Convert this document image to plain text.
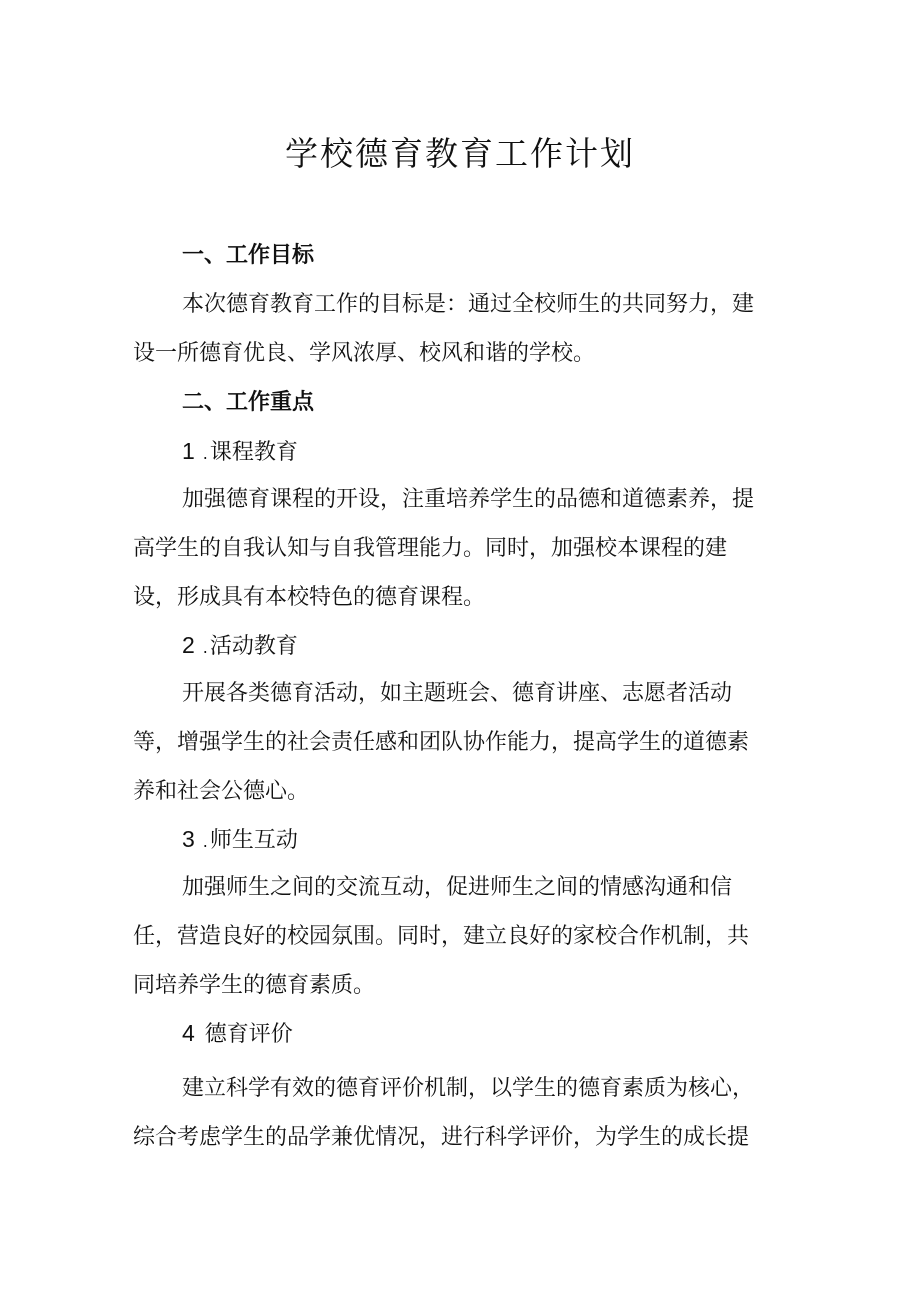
学校德育教育工作计划

一、工作目标

本次德育教育工作的目标是：通过全校师生的共同努力，建

设一所德育优良、学风浓厚、校风和谐的学校。

二、工作重点

1 .课程教育

加强德育课程的开设，注重培养学生的品德和道德素养，提

高学生的自我认知与自我管理能力。同时，加强校本课程的建

设，形成具有本校特色的德育课程。

2 .活动教育

开展各类德育活动，如主题班会、德育讲座、志愿者活动

等，增强学生的社会责任感和团队协作能力，提高学生的道德素

养和社会公德心。

3 .师生互动

加强师生之间的交流互动，促进师生之间的情感沟通和信

任，营造良好的校园氛围。同时，建立良好的家校合作机制，共

同培养学生的德育素质。

4 德育评价

建立科学有效的德育评价机制，以学生的德育素质为核心，

综合考虑学生的品学兼优情况，进行科学评价，为学生的成长提
